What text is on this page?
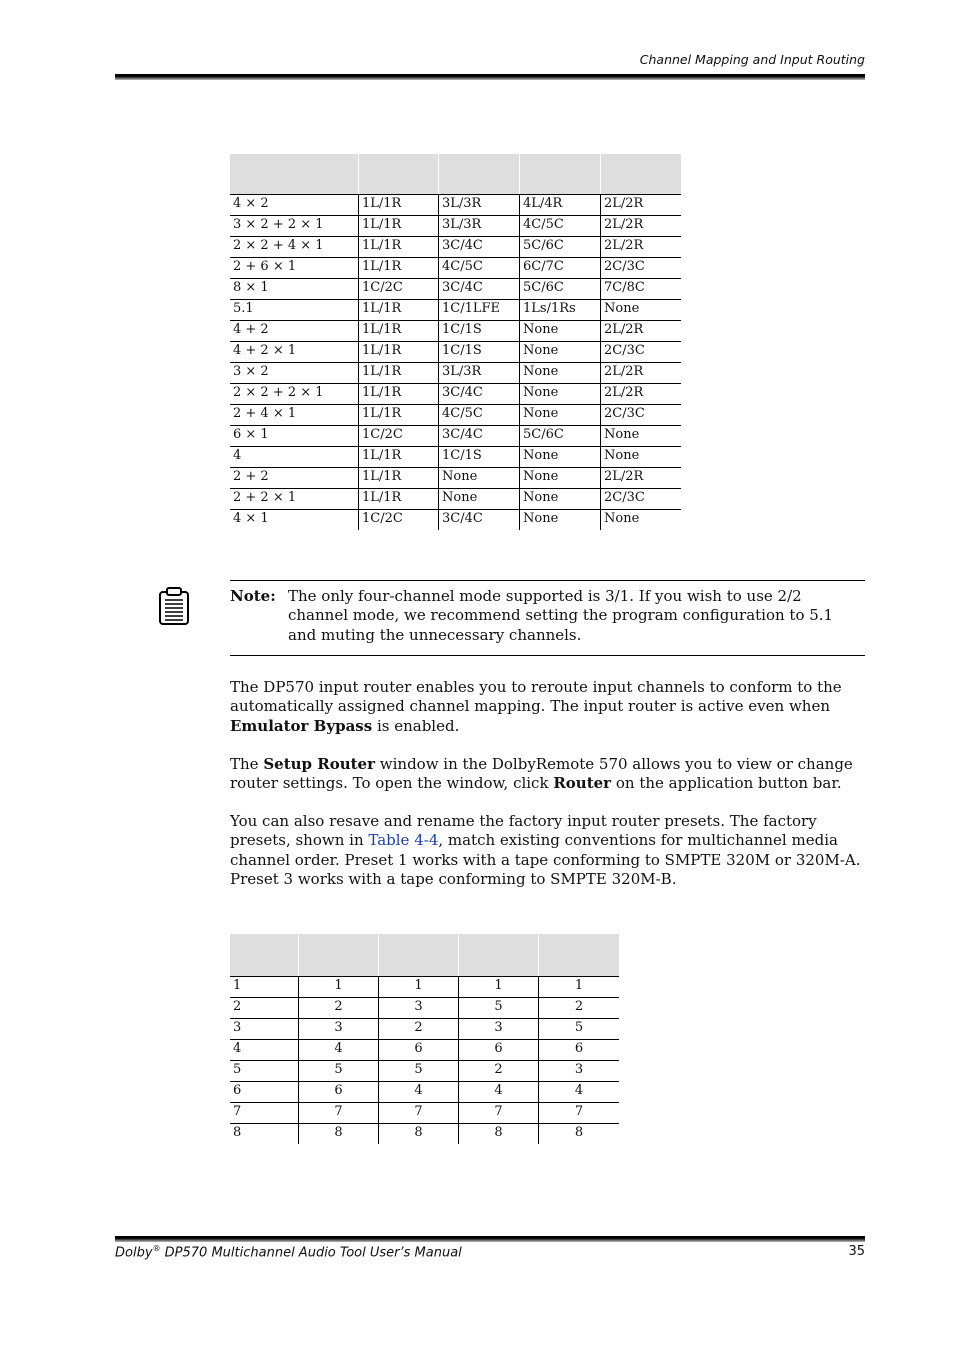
Channel Mapping and Input Routing

4 × 2	1L/1R	3L/3R	4L/4R	2L/2R
3 × 2 + 2 × 1	1L/1R	3L/3R	4C/5C	2L/2R
2 × 2 + 4 × 1	1L/1R	3C/4C	5C/6C	2L/2R
2 + 6 × 1	1L/1R	4C/5C	6C/7C	2C/3C
8 × 1	1C/2C	3C/4C	5C/6C	7C/8C
5.1	1L/1R	1C/1LFE	1Ls/1Rs	None
4 + 2	1L/1R	1C/1S	None	2L/2R
4 + 2 × 1	1L/1R	1C/1S	None	2C/3C
3 × 2	1L/1R	3L/3R	None	2L/2R
2 × 2 + 2 × 1	1L/1R	3C/4C	None	2L/2R
2 + 4 × 1	1L/1R	4C/5C	None	2C/3C
6 × 1	1C/2C	3C/4C	5C/6C	None
4	1L/1R	1C/1S	None	None
2 + 2	1L/1R	None	None	2L/2R
2 + 2 × 1	1L/1R	None	None	2C/3C
4 × 1	1C/2C	3C/4C	None	None
Note: The only four-channel mode supported is 3/1. If you wish to use 2/2 channel mode, we recommend setting the program configuration to 5.1 and muting the unnecessary channels.
The DP570 input router enables you to reroute input channels to conform to the automatically assigned channel mapping. The input router is active even when Emulator Bypass is enabled.
The Setup Router window in the DolbyRemote 570 allows you to view or change router settings. To open the window, click Router on the application button bar.
You can also resave and rename the factory input router presets. The factory presets, shown in Table 4-4, match existing conventions for multichannel media channel order. Preset 1 works with a tape conforming to SMPTE 320M or 320M-A. Preset 3 works with a tape conforming to SMPTE 320M-B.

1	1	1	1	1
2	2	3	5	2
3	3	2	3	5
4	4	6	6	6
5	5	5	2	3
6	6	4	4	4
7	7	7	7	7
8	8	8	8	8
Dolby® DP570 Multichannel Audio Tool User’s Manual	35
